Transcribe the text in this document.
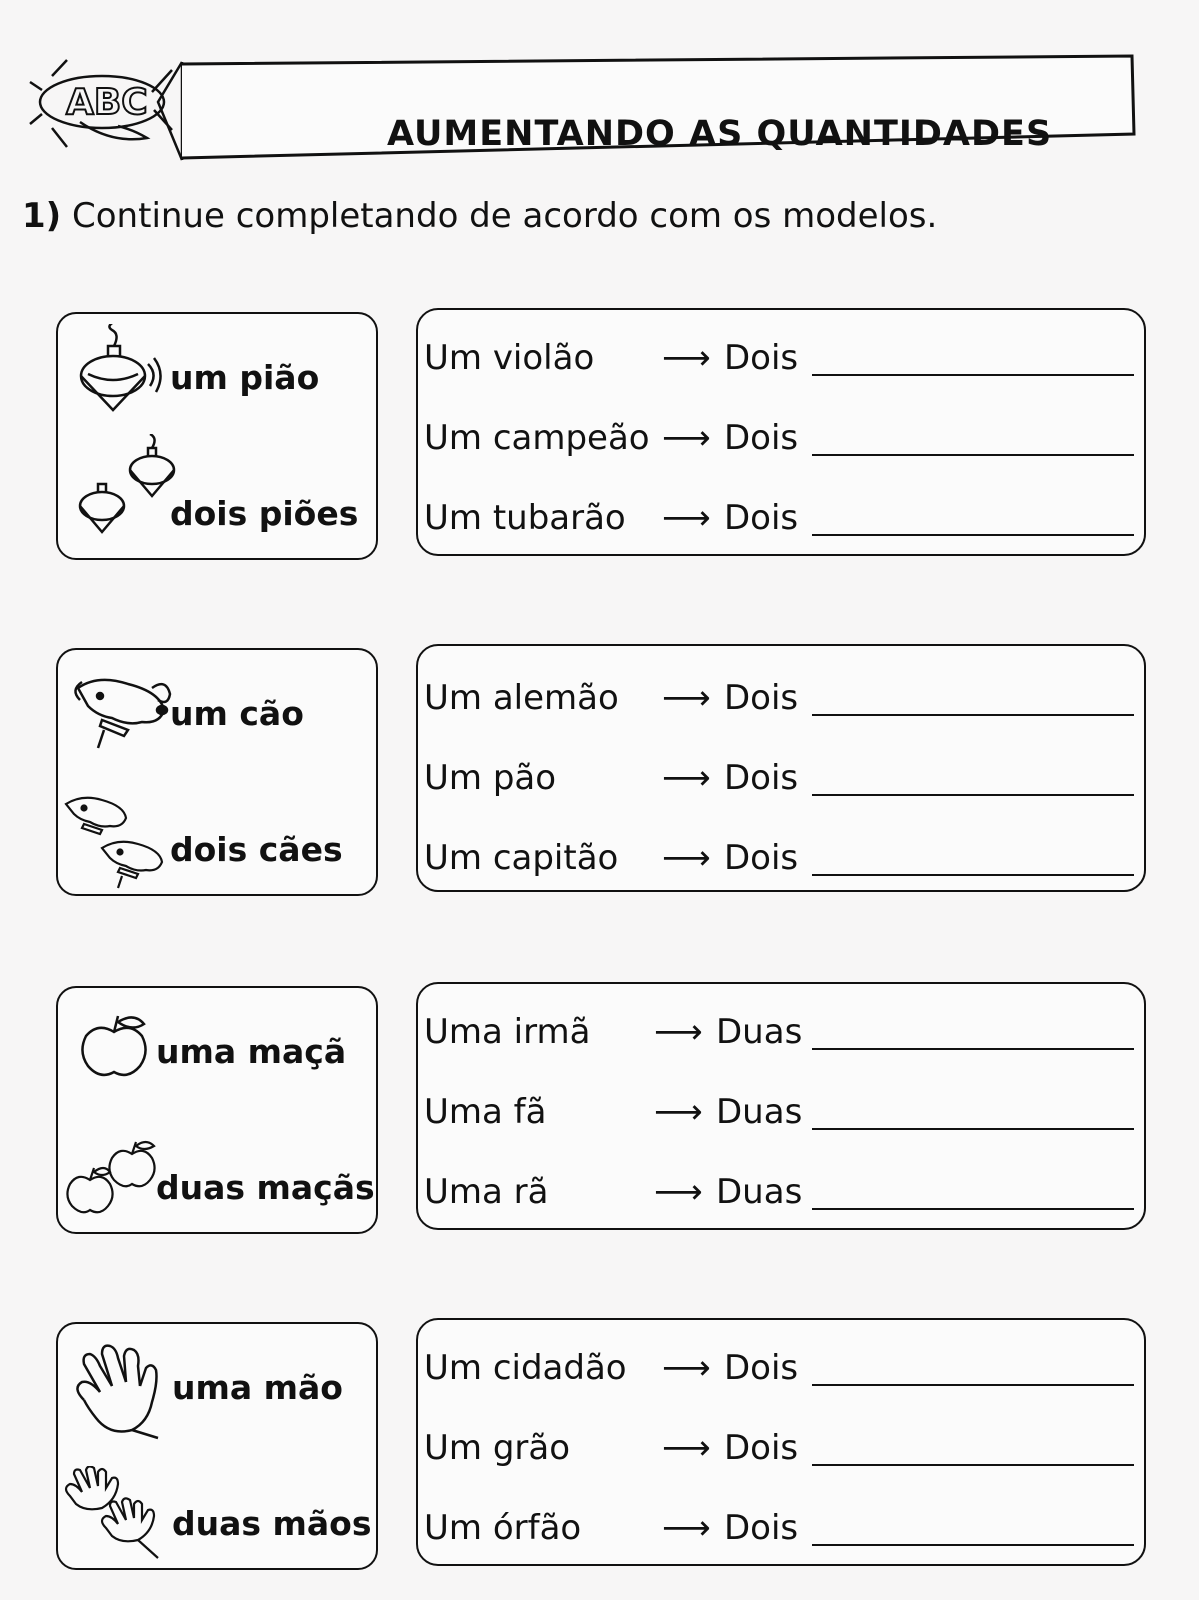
ABC
AUMENTANDO AS QUANTIDADES
1) Continue completando de acordo com os modelos.
um pião
dois piões
Um violão ⟶ Dois
Um campeão ⟶ Dois
Um tubarão ⟶ Dois
um cão
dois cães
Um alemão ⟶ Dois
Um pão	⟶ Dois
Um capitão ⟶ Dois
uma maçã
duas maçãs
Uma irmã ⟶ Duas
Uma fã	⟶ Duas
Uma rã	⟶ Duas
uma mão
duas mãos
Um cidadão ⟶ Dois
Um grão	⟶ Dois
Um órfão ⟶ Dois
